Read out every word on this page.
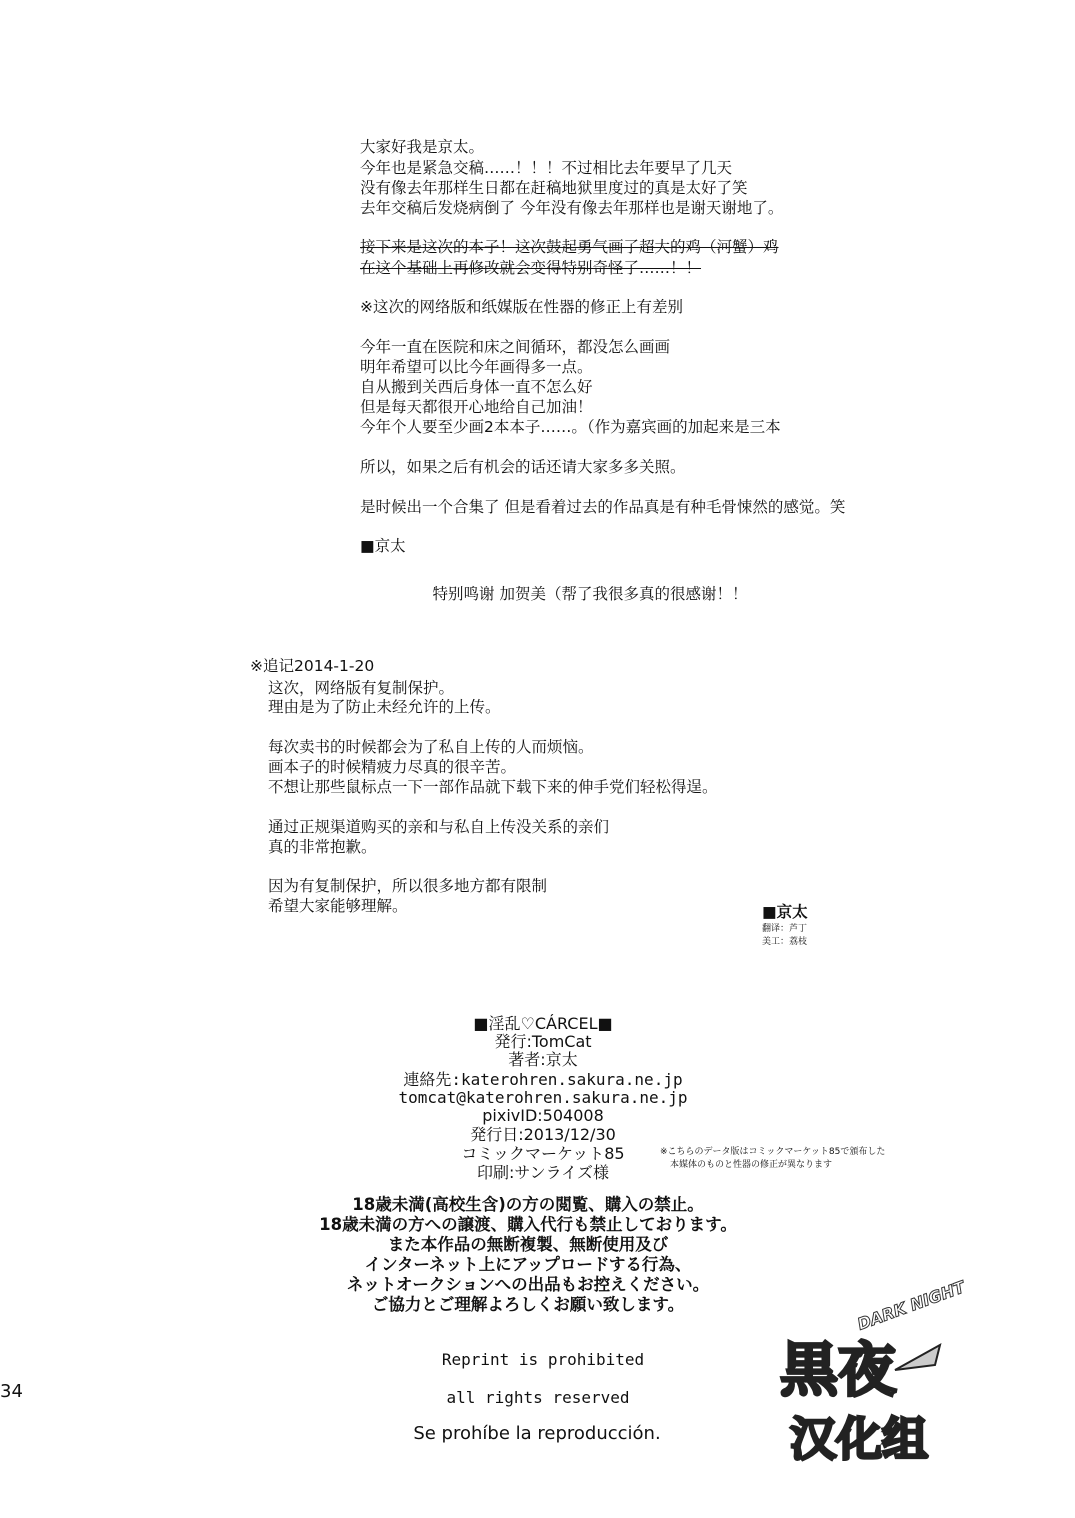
大家好我是京太。
今年也是紧急交稿……！！！不过相比去年要早了几天
没有像去年那样生日都在赶稿地狱里度过的真是太好了笑
去年交稿后发烧病倒了 今年没有像去年那样也是谢天谢地了。
接下来是这次的本子！这次鼓起勇气画了超大的鸡（河蟹）鸡
在这个基础上再修改就会变得特别奇怪了……！！
※这次的网络版和纸媒版在性器的修正上有差别
今年一直在医院和床之间循环，都没怎么画画
明年希望可以比今年画得多一点。
自从搬到关西后身体一直不怎么好
但是每天都很开心地给自己加油！
今年个人要至少画2本本子……。（作为嘉宾画的加起来是三本
所以，如果之后有机会的话还请大家多多关照。
是时候出一个合集了 但是看着过去的作品真是有种毛骨悚然的感觉。笑
■京太
特别鸣谢 加贺美（帮了我很多真的很感谢！！
※追记2014-1-20
这次，网络版有复制保护。
理由是为了防止未经允许的上传。
每次卖书的时候都会为了私自上传的人而烦恼。
画本子的时候精疲力尽真的很辛苦。
不想让那些鼠标点一下一部作品就下载下来的伸手党们轻松得逞。
通过正规渠道购买的亲和与私自上传没关系的亲们
真的非常抱歉。
因为有复制保护，所以很多地方都有限制
希望大家能够理解。	■京太
翻译：芦丁
美工：荔枝
■淫乱♡CÁRCEL■
発行:TomCat
著者:京太
連絡先:katerohren.sakura.ne.jp
tomcat@katerohren.sakura.ne.jp
pixivID:504008
発行日:2013/12/30
コミックマーケット85
印刷:サンライズ様
※こちらのデータ版はコミックマーケット85で頒布した
本媒体のものと性器の修正が異なります
18歳未満(高校生含)の方の閲覧、購入の禁止。
18歳未満の方への譲渡、購入代行も禁止しております。
また本作品の無断複製、無断使用及び
インターネット上にアップロードする行為、
ネットオークションへの出品もお控えください。
ご協力とご理解よろしくお願い致します。
Reprint is prohibited
all rights reserved
Se prohíbe la reproducción.
34
DARK NIGHT
黒夜
汉化组
